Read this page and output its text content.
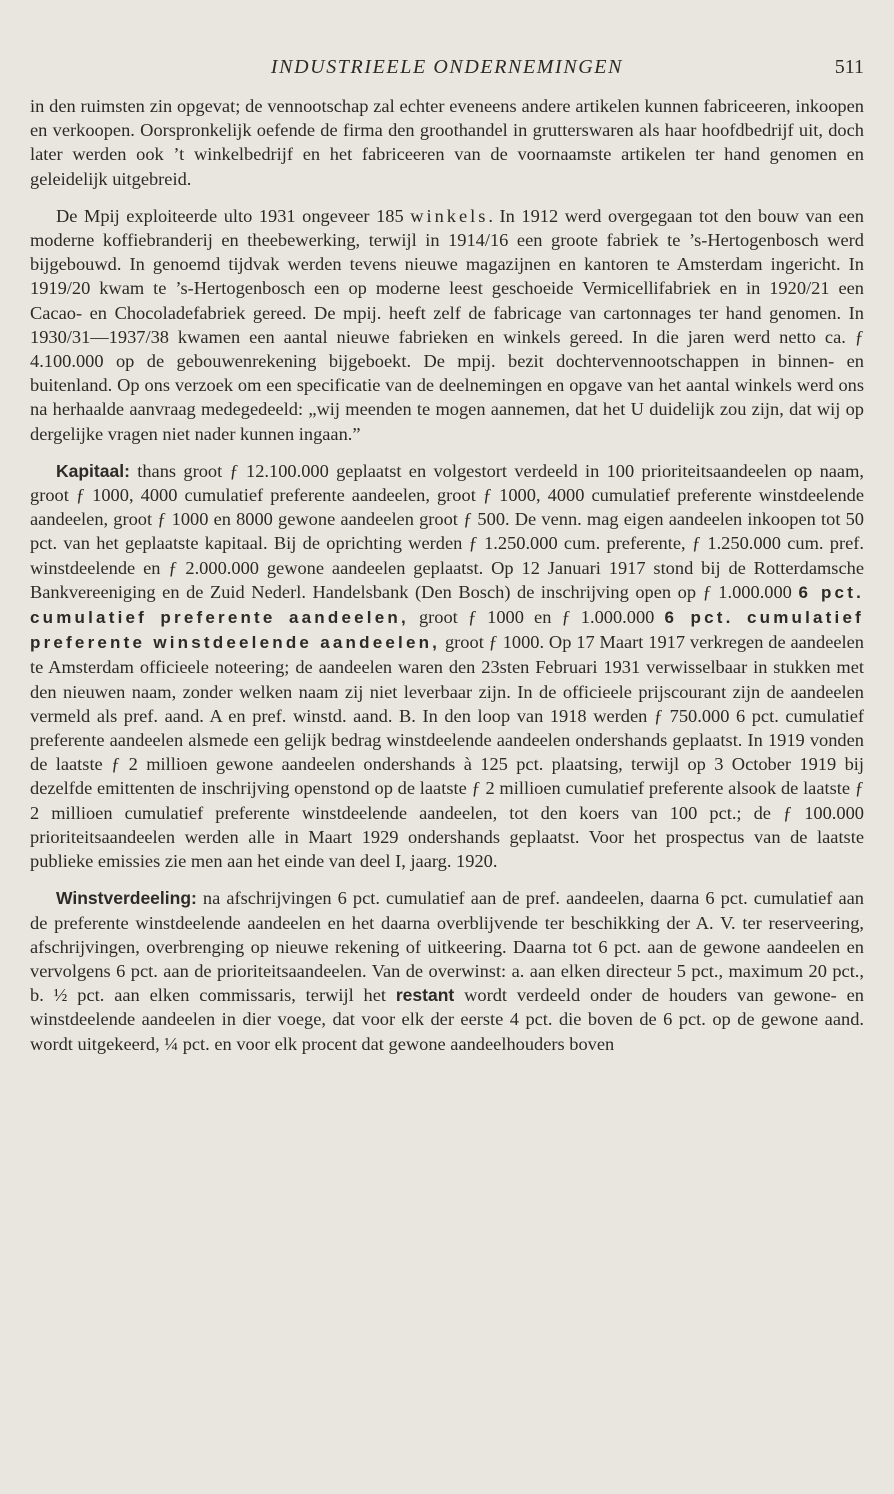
INDUSTRIEELE ONDERNEMINGEN	511

in den ruimsten zin opgevat; de vennootschap zal echter eveneens andere artikelen kunnen fabriceeren, inkoopen en verkoopen. Oorspronkelijk oefende de firma den groothandel in grutterswaren als haar hoofdbedrijf uit, doch later werden ook ’t winkelbedrijf en het fabriceeren van de voornaamste artikelen ter hand genomen en geleidelijk uitgebreid.

De Mpij exploiteerde ulto 1931 ongeveer 185 winkels. In 1912 werd overgegaan tot den bouw van een moderne koffiebranderij en theebewerking, terwijl in 1914/16 een groote fabriek te ’s-Hertogenbosch werd bijgebouwd. In genoemd tijdvak werden tevens nieuwe magazijnen en kantoren te Amsterdam ingericht. In 1919/20 kwam te ’s-Hertogenbosch een op moderne leest geschoeide Vermicellifabriek en in 1920/21 een Cacao- en Chocoladefabriek gereed. De mpij. heeft zelf de fabricage van cartonnages ter hand genomen. In 1930/31—1937/38 kwamen een aantal nieuwe fabrieken en winkels gereed. In die jaren werd netto ca. ƒ 4.100.000 op de gebouwenrekening bijgeboekt. De mpij. bezit dochtervennootschappen in binnen- en buitenland. Op ons verzoek om een specificatie van de deelnemingen en opgave van het aantal winkels werd ons na herhaalde aanvraag medegedeeld: „wij meenden te mogen aannemen, dat het U duidelijk zou zijn, dat wij op dergelijke vragen niet nader kunnen ingaan.”

Kapitaal: thans groot ƒ 12.100.000 geplaatst en volgestort verdeeld in 100 prioriteitsaandeelen op naam, groot ƒ 1000, 4000 cumulatief preferente aandeelen, groot ƒ 1000, 4000 cumulatief preferente winstdeelende aandeelen, groot ƒ 1000 en 8000 gewone aandeelen groot ƒ 500. De venn. mag eigen aandeelen inkoopen tot 50 pct. van het geplaatste kapitaal. Bij de oprichting werden ƒ 1.250.000 cum. preferente, ƒ 1.250.000 cum. pref. winstdeelende en ƒ 2.000.000 gewone aandeelen geplaatst. Op 12 Januari 1917 stond bij de Rotterdamsche Bankvereeniging en de Zuid Nederl. Handelsbank (Den Bosch) de inschrijving open op ƒ 1.000.000 6 pct. cumulatief preferente aandeelen, groot ƒ 1000 en ƒ 1.000.000 6 pct. cumulatief preferente winstdeelende aandeelen, groot ƒ 1000. Op 17 Maart 1917 verkregen de aandeelen te Amsterdam officieele noteering; de aandeelen waren den 23sten Februari 1931 verwisselbaar in stukken met den nieuwen naam, zonder welken naam zij niet leverbaar zijn. In de officieele prijscourant zijn de aandeelen vermeld als pref. aand. A en pref. winstd. aand. B. In den loop van 1918 werden ƒ 750.000 6 pct. cumulatief preferente aandeelen alsmede een gelijk bedrag winstdeelende aandeelen ondershands geplaatst. In 1919 vonden de laatste ƒ 2 millioen gewone aandeelen ondershands à 125 pct. plaatsing, terwijl op 3 October 1919 bij dezelfde emittenten de inschrijving openstond op de laatste ƒ 2 millioen cumulatief preferente alsook de laatste ƒ 2 millioen cumulatief preferente winstdeelende aandeelen, tot den koers van 100 pct.; de ƒ 100.000 prioriteitsaandeelen werden alle in Maart 1929 ondershands geplaatst. Voor het prospectus van de laatste publieke emissies zie men aan het einde van deel I, jaarg. 1920.

Winstverdeeling: na afschrijvingen 6 pct. cumulatief aan de pref. aandeelen, daarna 6 pct. cumulatief aan de preferente winstdeelende aandeelen en het daarna overblijvende ter beschikking der A. V. ter reserveering, afschrijvingen, overbrenging op nieuwe rekening of uitkeering. Daarna tot 6 pct. aan de gewone aandeelen en vervolgens 6 pct. aan de prioriteitsaandeelen. Van de overwinst: a. aan elken directeur 5 pct., maximum 20 pct., b. ½ pct. aan elken commissaris, terwijl het restant wordt verdeeld onder de houders van gewone- en winstdeelende aandeelen in dier voege, dat voor elk der eerste 4 pct. die boven de 6 pct. op de gewone aand. wordt uitgekeerd, ¼ pct. en voor elk procent dat gewone aandeelhouders boven
